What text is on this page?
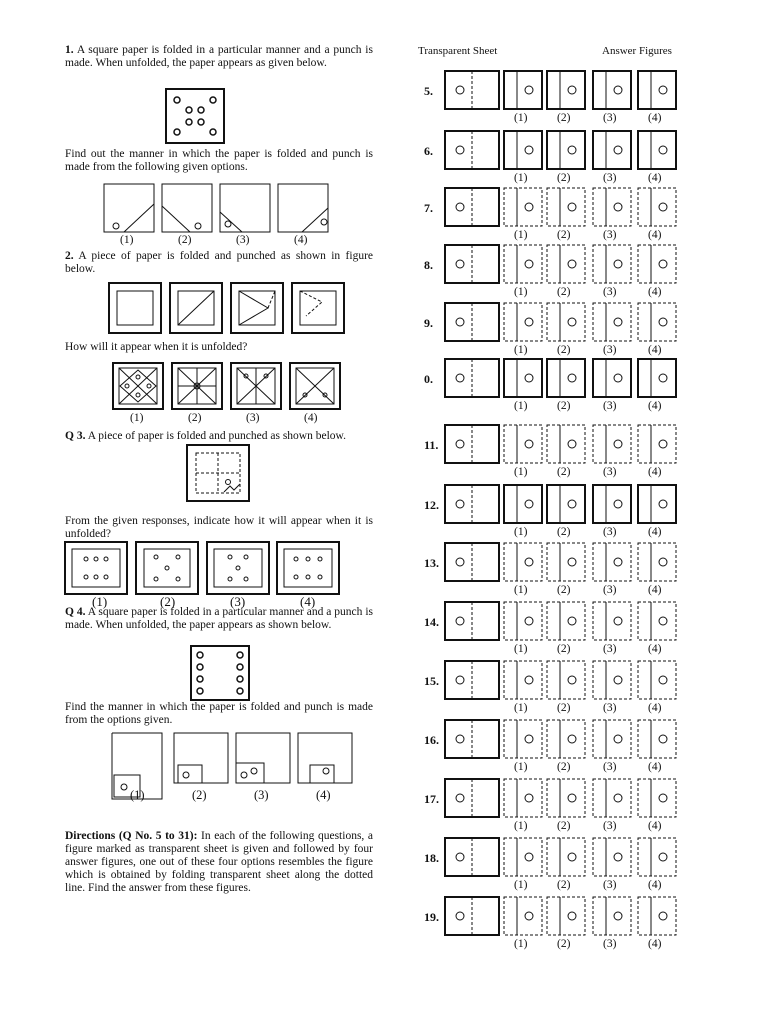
1. A square paper is folded in a particular manner and a punch is made. When unfolded, the paper appears as given below.
Find out the manner in which the paper is folded and punch is made from the following given options.
(1)	(2)	(3)	(4)
2. A piece of paper is folded and punched as shown in figure below.
How will it appear when it is unfolded?
(1)	(2)	(3)	(4)
Q 3. A piece of paper is folded and punched as shown below.
From the given responses, indicate how it will appear when it is unfolded?
(1)	(2)	(3)	(4)
Q 4. A square paper is folded in a particular manner and a punch is made. When unfolded, the paper appears as shown below.
Find the manner in which the paper is folded and punch is made from the options given.
(1)	(2)	(3)	(4)
Directions (Q No. 5 to 31): In each of the following questions, a figure marked as transparent sheet is given and followed by four answer figures, one out of these four options resembles the figure which is obtained by folding transparent sheet along the dotted line. Find the answer from these figures.
Transparent Sheet	Answer Figures
5.
(1)	(2)	(3)	(4)
6.
(1)	(2)	(3)	(4)
7.
(1)	(2)	(3)	(4)
8.
(1)	(2)	(3)	(4)
9.
(1)	(2)	(3)	(4)
0.
(1)	(2)	(3)	(4)
11.
(1)	(2)	(3)	(4)
12.
(1)	(2)	(3)	(4)
13.
(1)	(2)	(3)	(4)
14.
(1)	(2)	(3)	(4)
15.
(1)	(2)	(3)	(4)
16.
(1)	(2)	(3)	(4)
17.
(1)	(2)	(3)	(4)
18.
(1)	(2)	(3)	(4)
19.
(1)	(2)	(3)	(4)
